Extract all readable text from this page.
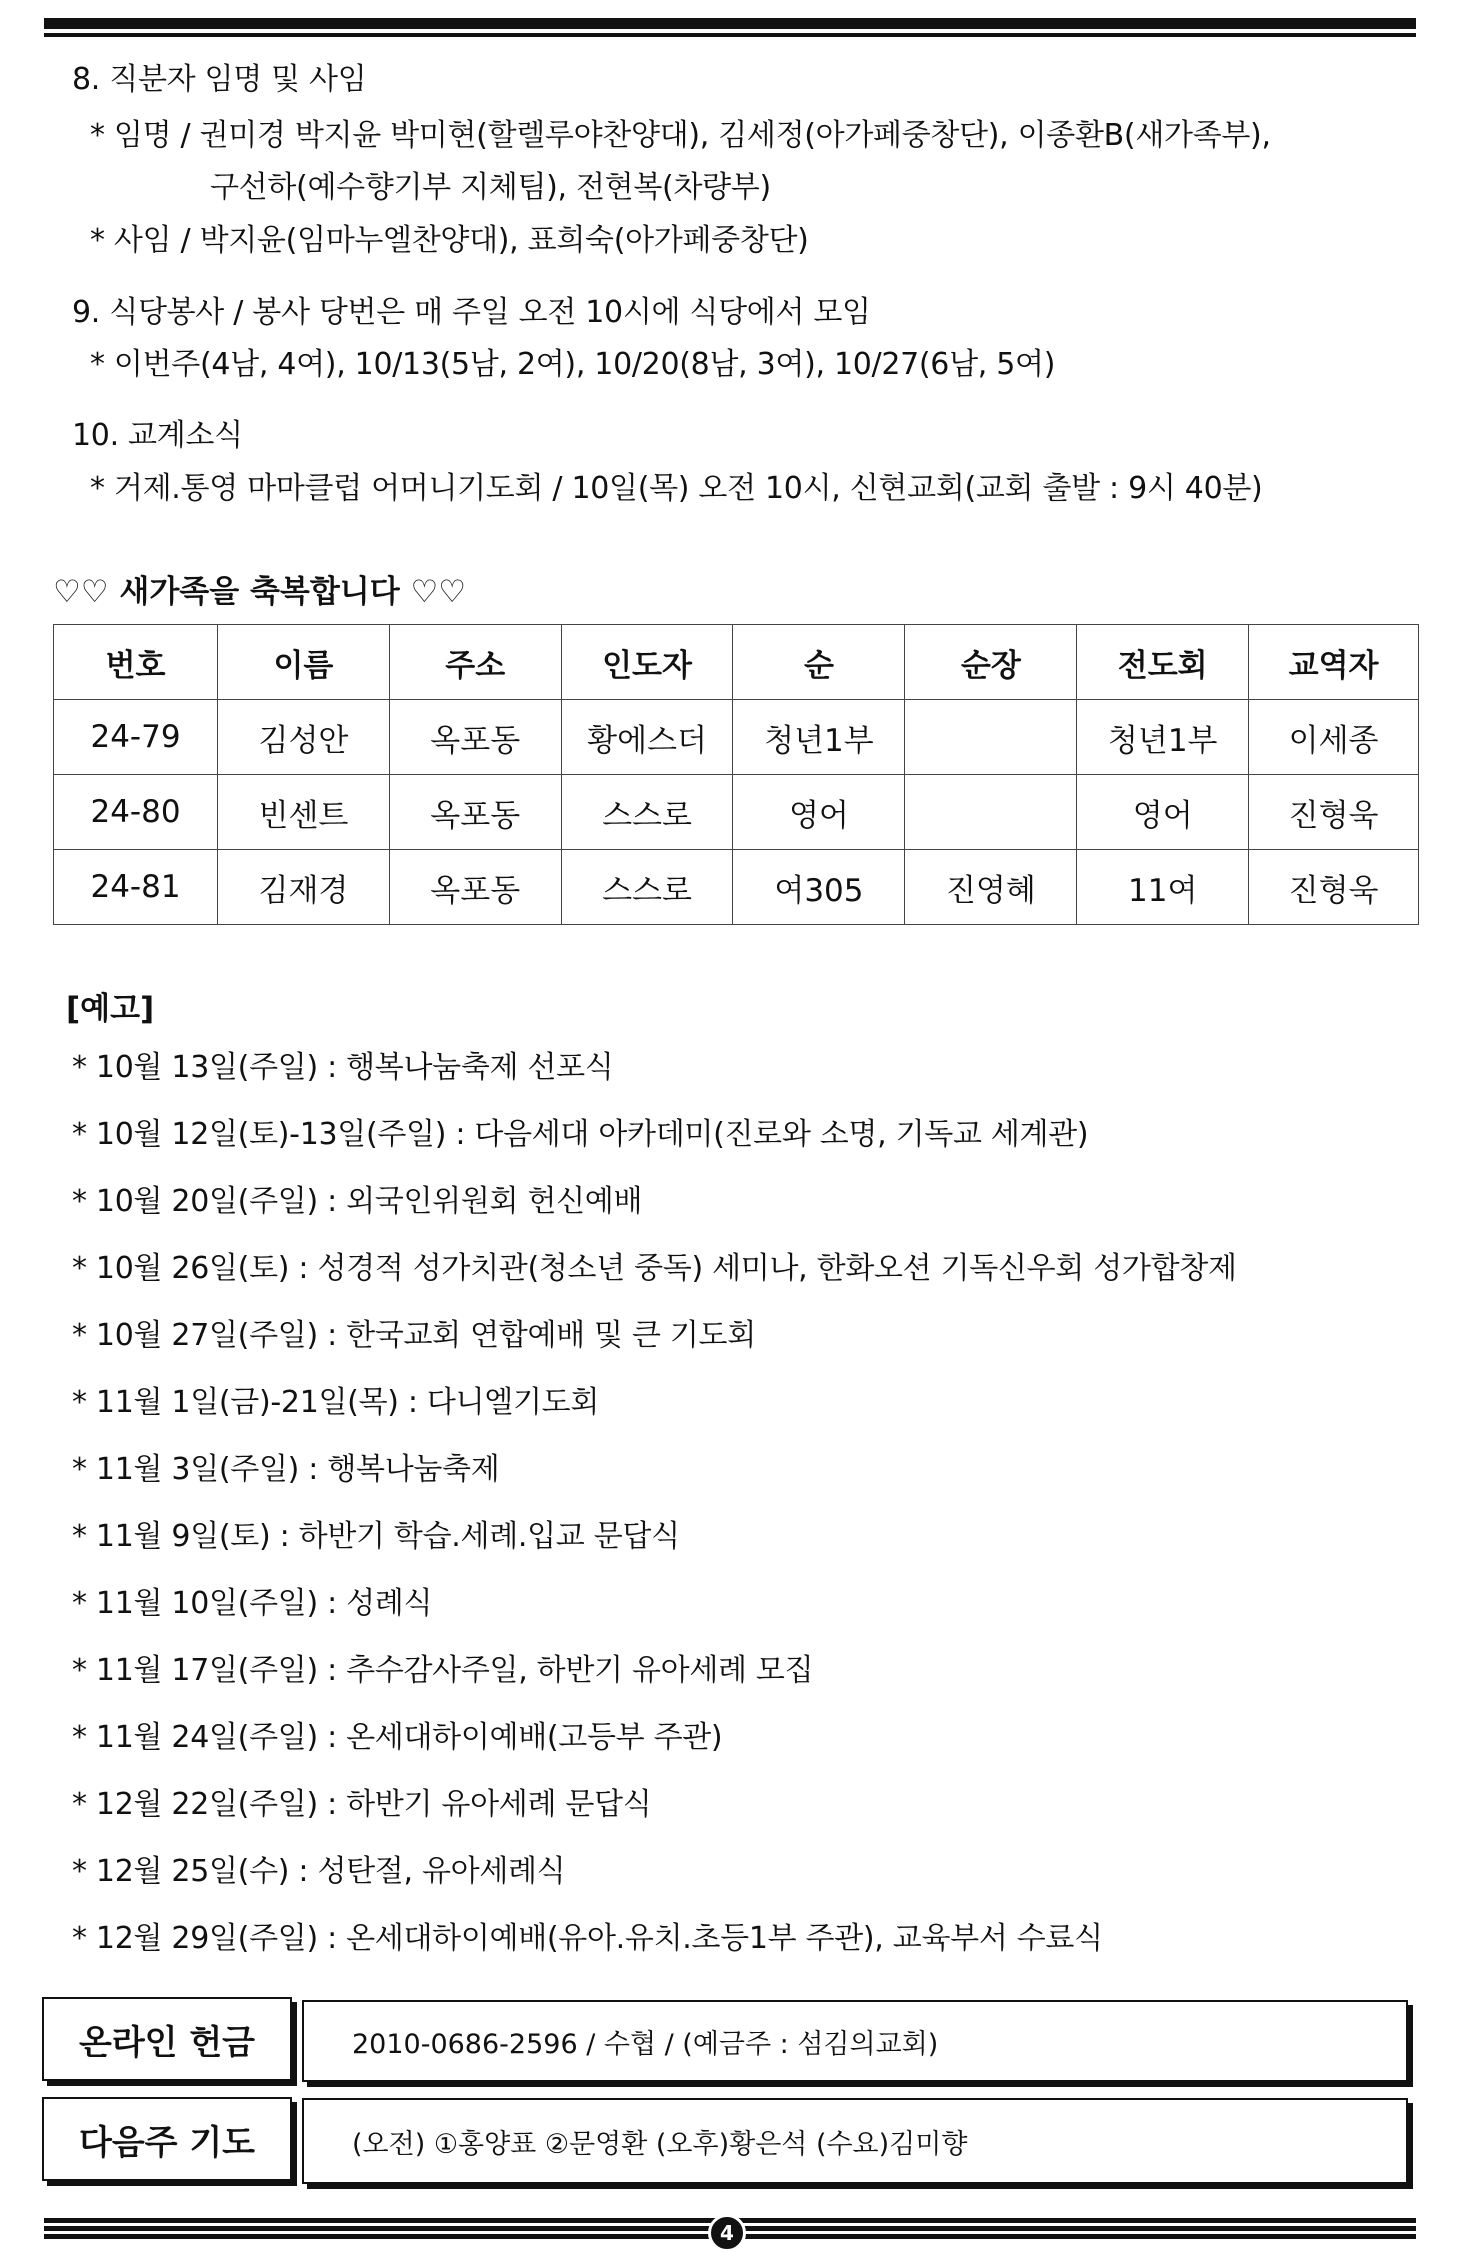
8. 직분자 임명 및 사임
* 임명 / 권미경 박지윤 박미현(할렐루야찬양대), 김세정(아가페중창단), 이종환B(새가족부),
구선하(예수향기부 지체팀), 전현복(차량부)
* 사임 / 박지윤(임마누엘찬양대), 표희숙(아가페중창단)
9. 식당봉사 / 봉사 당번은 매 주일 오전 10시에 식당에서 모임
* 이번주(4남, 4여), 10/13(5남, 2여), 10/20(8남, 3여), 10/27(6남, 5여)
10. 교계소식
* 거제.통영 마마클럽 어머니기도회 / 10일(목) 오전 10시, 신현교회(교회 출발 : 9시 40분)
♡♡ 새가족을 축복합니다 ♡♡
번호	이름	주소	인도자	순	순장	전도회	교역자
24-79	김성안	옥포동	황에스더	청년1부		청년1부	이세종
24-80	빈센트	옥포동	스스로	영어		영어	진형욱
24-81	김재경	옥포동	스스로	여305	진영혜	11여	진형욱
[예고]
* 10월 13일(주일) : 행복나눔축제 선포식
* 10월 12일(토)-13일(주일) : 다음세대 아카데미(진로와 소명, 기독교 세계관)
* 10월 20일(주일) : 외국인위원회 헌신예배
* 10월 26일(토) : 성경적 성가치관(청소년 중독) 세미나, 한화오션 기독신우회 성가합창제
* 10월 27일(주일) : 한국교회 연합예배 및 큰 기도회
* 11월 1일(금)-21일(목) : 다니엘기도회
* 11월 3일(주일) : 행복나눔축제
* 11월 9일(토) : 하반기 학습.세례.입교 문답식
* 11월 10일(주일) : 성례식
* 11월 17일(주일) : 추수감사주일, 하반기 유아세례 모집
* 11월 24일(주일) : 온세대하이예배(고등부 주관)
* 12월 22일(주일) : 하반기 유아세례 문답식
* 12월 25일(수) : 성탄절, 유아세례식
* 12월 29일(주일) : 온세대하이예배(유아.유치.초등1부 주관), 교육부서 수료식
온라인 헌금	2010-0686-2596 / 수협 / (예금주 : 섬김의교회)
다음주 기도	(오전) ①홍양표 ②문영환 (오후)황은석 (수요)김미향
4
